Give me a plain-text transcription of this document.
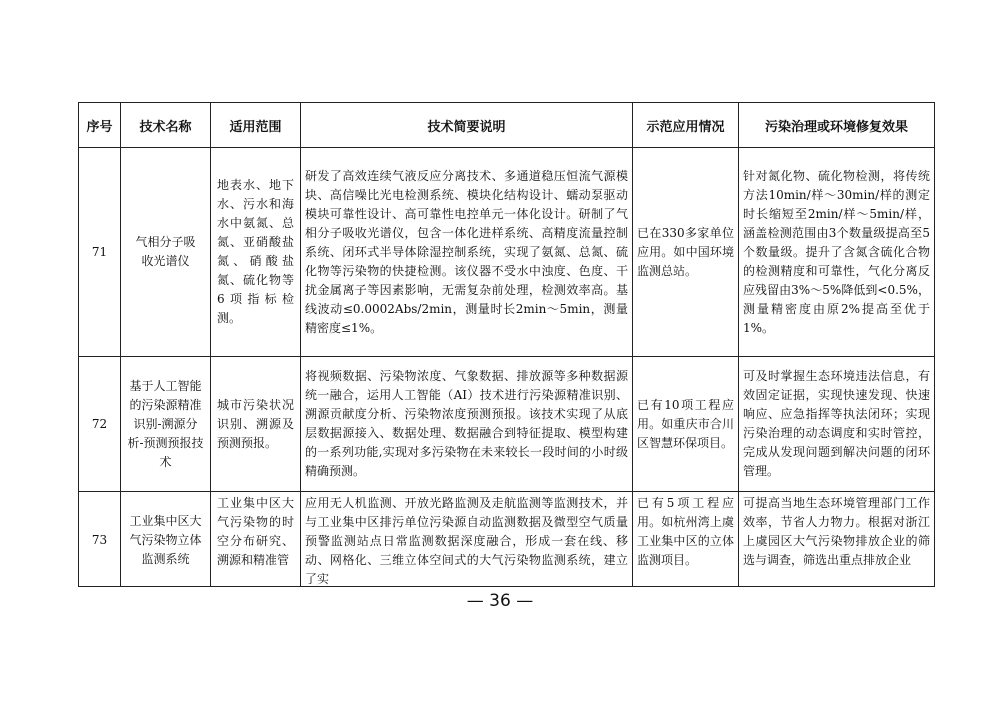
序号	技术名称	适用范围	技术简要说明	示范应用情况	污染治理或环境修复效果
71	气相分子吸收光谱仪	地表水、地下水、污水和海水中氨氮、总氮、亚硝酸盐氮、硝酸盐氮、硫化物等6项指标检测。	研发了高效连续气液反应分离技术、多通道稳压恒流气源模块、高信噪比光电检测系统、模块化结构设计、蠕动泵驱动模块可靠性设计、高可靠性电控单元一体化设计。研制了气相分子吸收光谱仪，包含一体化进样系统、高精度流量控制系统、闭环式半导体除湿控制系统，实现了氨氮、总氮、硫化物等污染物的快捷检测。该仪器不受水中浊度、色度、干扰金属离子等因素影响，无需复杂前处理，检测效率高。基线波动≤0.0002Abs/2min，测量时长2min～5min，测量精密度≤1%。	已在330多家单位应用。如中国环境监测总站。	针对氮化物、硫化物检测，将传统方法10min/样～30min/样的测定时长缩短至2min/样～5min/样，涵盖检测范围由3个数量级提高至5个数量级。提升了含氮含硫化合物的检测精度和可靠性，气化分离反应残留由3%～5%降低到<0.5%，测量精密度由原2%提高至优于1%。
72	基于人工智能的污染源精准识别-溯源分析-预测预报技术	城市污染状况识别、溯源及预测预报。	将视频数据、污染物浓度、气象数据、排放源等多种数据源统一融合，运用人工智能（AI）技术进行污染源精准识别、溯源贡献度分析、污染物浓度预测预报。该技术实现了从底层数据源接入、数据处理、数据融合到特征提取、模型构建的一系列功能,实现对多污染物在未来较长一段时间的小时级精确预测。	已有10项工程应用。如重庆市合川区智慧环保项目。	可及时掌握生态环境违法信息，有效固定证据，实现快速发现、快速响应、应急指挥等执法闭环；实现污染治理的动态调度和实时管控，完成从发现问题到解决问题的闭环管理。

73	工业集中区大气污染物立体监测系统	工业集中区大气污染物的时空分布研究、溯源和精准管	应用无人机监测、开放光路监测及走航监测等监测技术，并与工业集中区排污单位污染源自动监测数据及微型空气质量预警监测站点日常监测数据深度融合，形成一套在线、移动、网格化、三维立体空间式的大气污染物监测系统，建立了实	已有5项工程应用。如杭州湾上虞工业集中区的立体监测项目。	可提高当地生态环境管理部门工作效率，节省人力物力。根据对浙江上虞园区大气污染物排放企业的筛选与调查，筛选出重点排放企业
— 36 —
